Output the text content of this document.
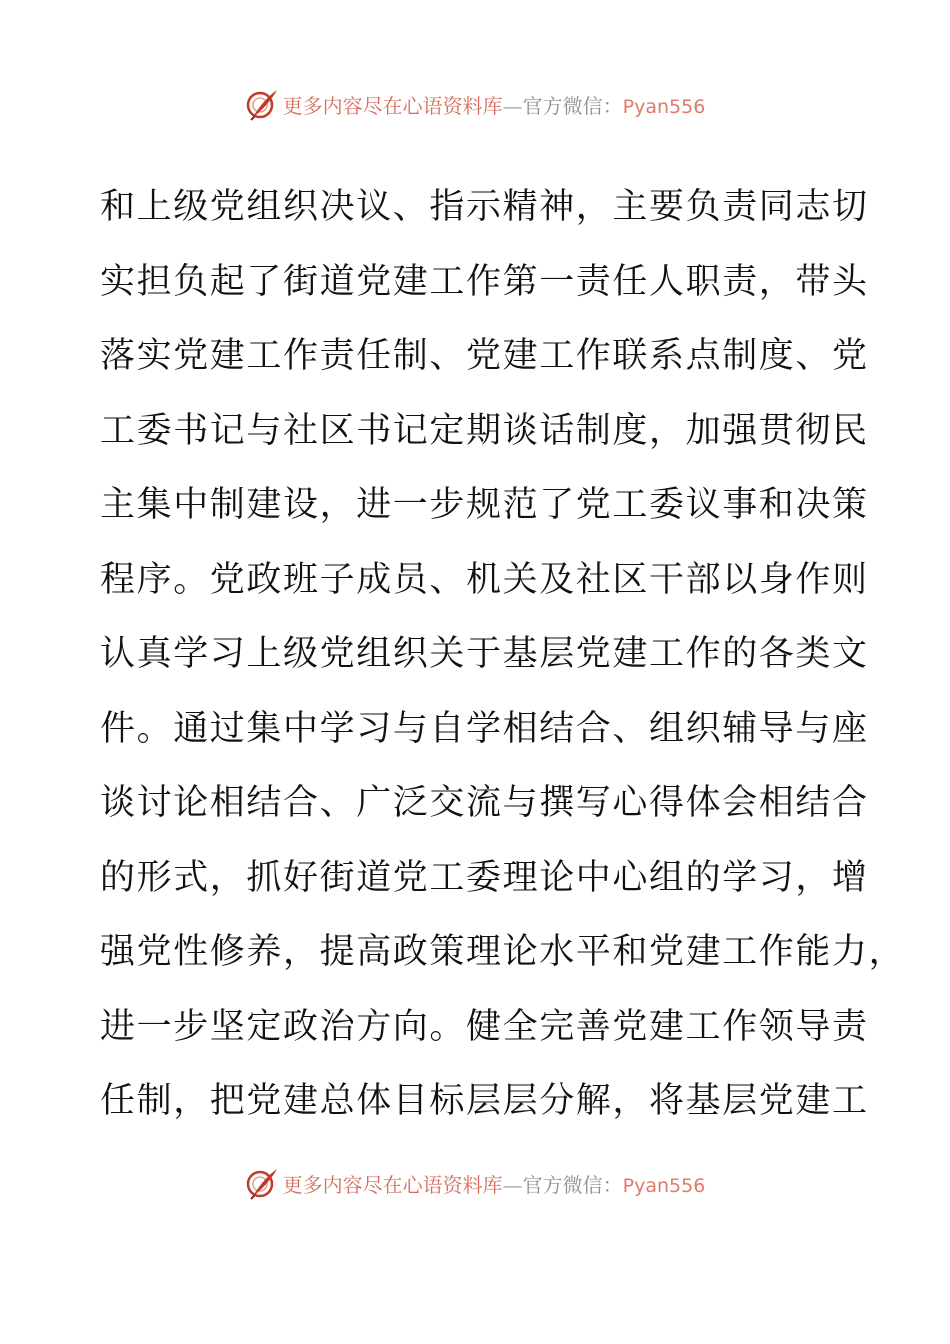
更多内容尽在心语资料库—官方微信：Pyan556
和上级党组织决议、指示精神，主要负责同志切
实担负起了街道党建工作第一责任人职责，带头
落实党建工作责任制、党建工作联系点制度、党
工委书记与社区书记定期谈话制度，加强贯彻民
主集中制建设，进一步规范了党工委议事和决策
程序。党政班子成员、机关及社区干部以身作则
认真学习上级党组织关于基层党建工作的各类文
件。通过集中学习与自学相结合、组织辅导与座
谈讨论相结合、广泛交流与撰写心得体会相结合
的形式，抓好街道党工委理论中心组的学习，增
强党性修养，提高政策理论水平和党建工作能力，
进一步坚定政治方向。健全完善党建工作领导责
任制，把党建总体目标层层分解，将基层党建工
更多内容尽在心语资料库—官方微信：Pyan556
